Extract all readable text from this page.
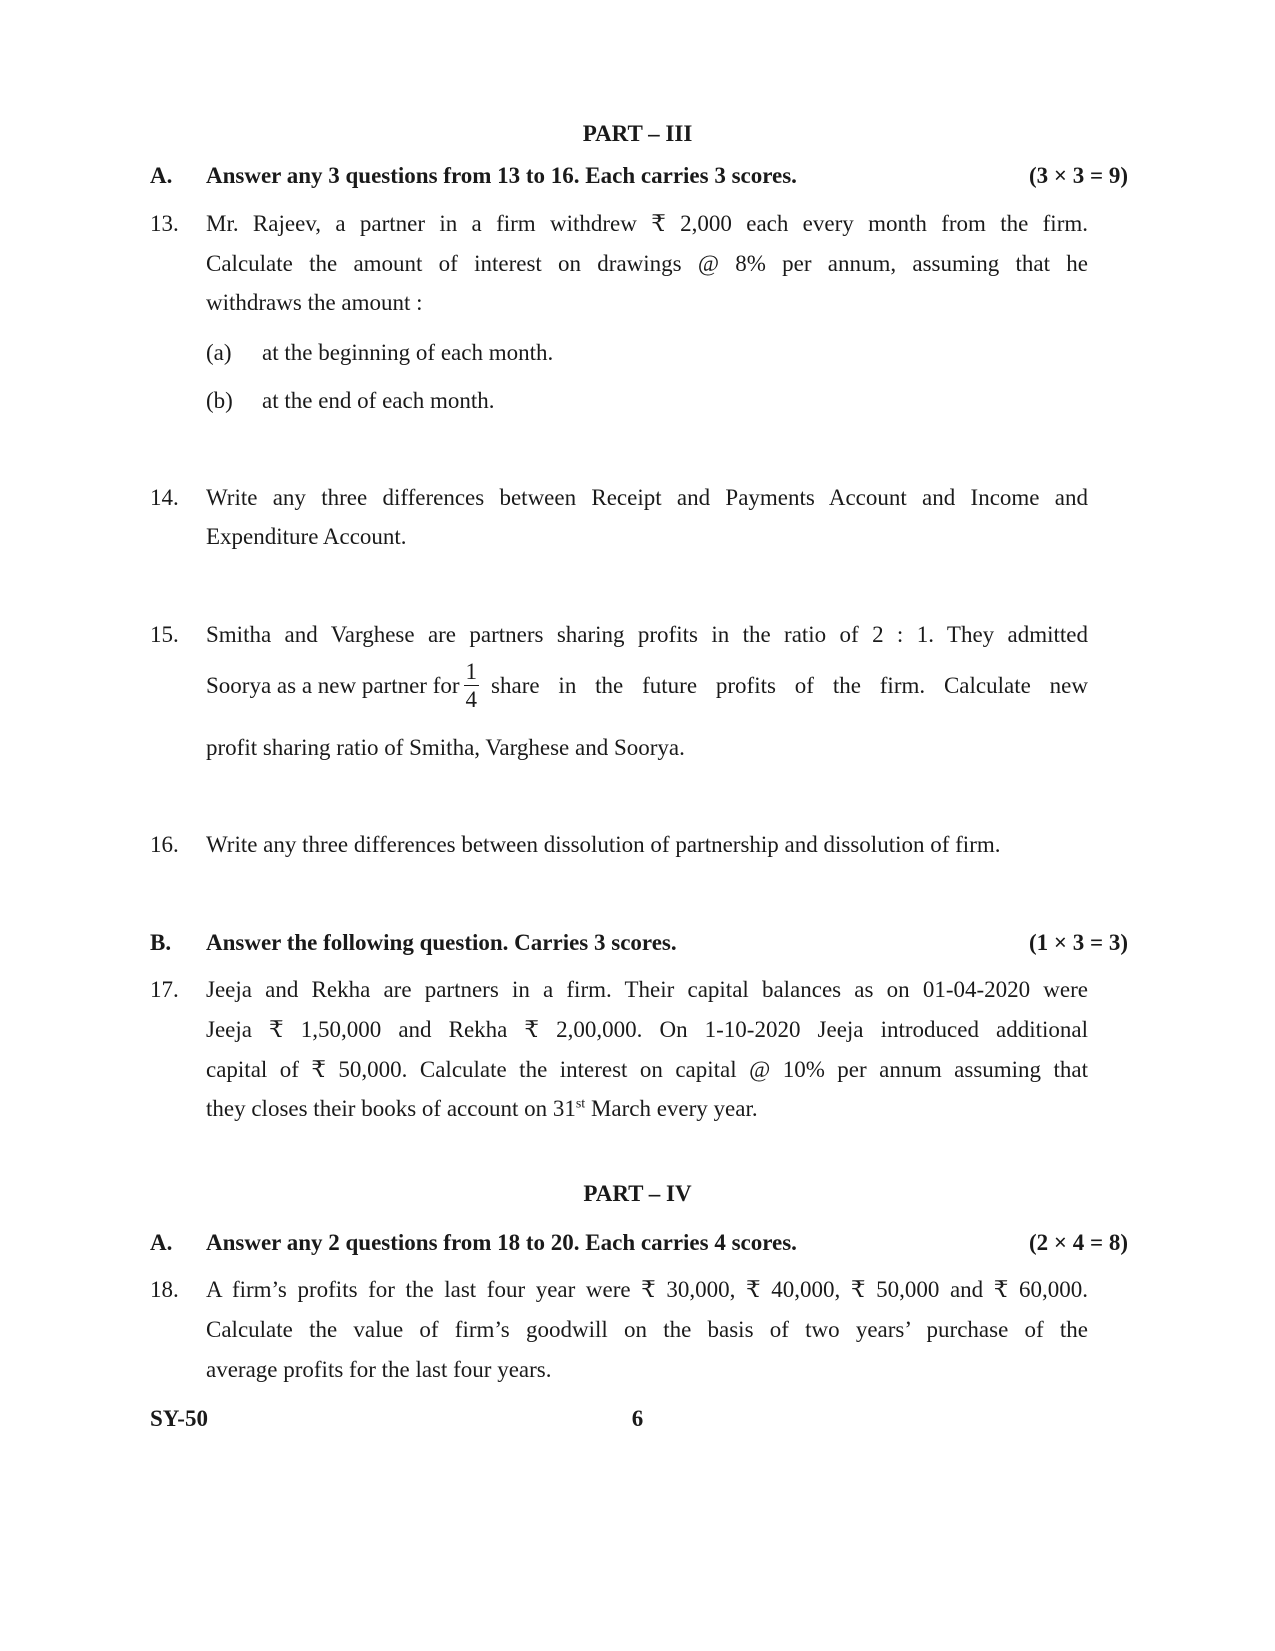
PART – III
A. Answer any 3 questions from 13 to 16. Each carries 3 scores.	(3 × 3 = 9)
13. Mr. Rajeev, a partner in a firm withdrew ₹ 2,000 each every month from the firm.
Calculate the amount of interest on drawings @ 8% per annum, assuming that he
withdraws the amount :
(a) at the beginning of each month.
(b) at the end of each month.
14. Write any three differences between Receipt and Payments Account and Income and
Expenditure Account.
15. Smitha and Varghese are partners sharing profits in the ratio of 2 : 1. They admitted
Soorya as a new partner for $\frac{1}{4}$ share in the future profits of the firm. Calculate new
profit sharing ratio of Smitha, Varghese and Soorya.
16. Write any three differences between dissolution of partnership and dissolution of firm.
B. Answer the following question. Carries 3 scores.	(1 × 3 = 3)
17. Jeeja and Rekha are partners in a firm. Their capital balances as on 01-04-2020 were
Jeeja ₹ 1,50,000 and Rekha ₹ 2,00,000. On 1-10-2020 Jeeja introduced additional
capital of ₹ 50,000. Calculate the interest on capital @ 10% per annum assuming that
they closes their books of account on 31st March every year.
PART – IV
A. Answer any 2 questions from 18 to 20. Each carries 4 scores.	(2 × 4 = 8)
18. A firm’s profits for the last four year were ₹ 30,000, ₹ 40,000, ₹ 50,000 and ₹ 60,000.
Calculate the value of firm’s goodwill on the basis of two years’ purchase of the
average profits for the last four years.
SY-50	6
